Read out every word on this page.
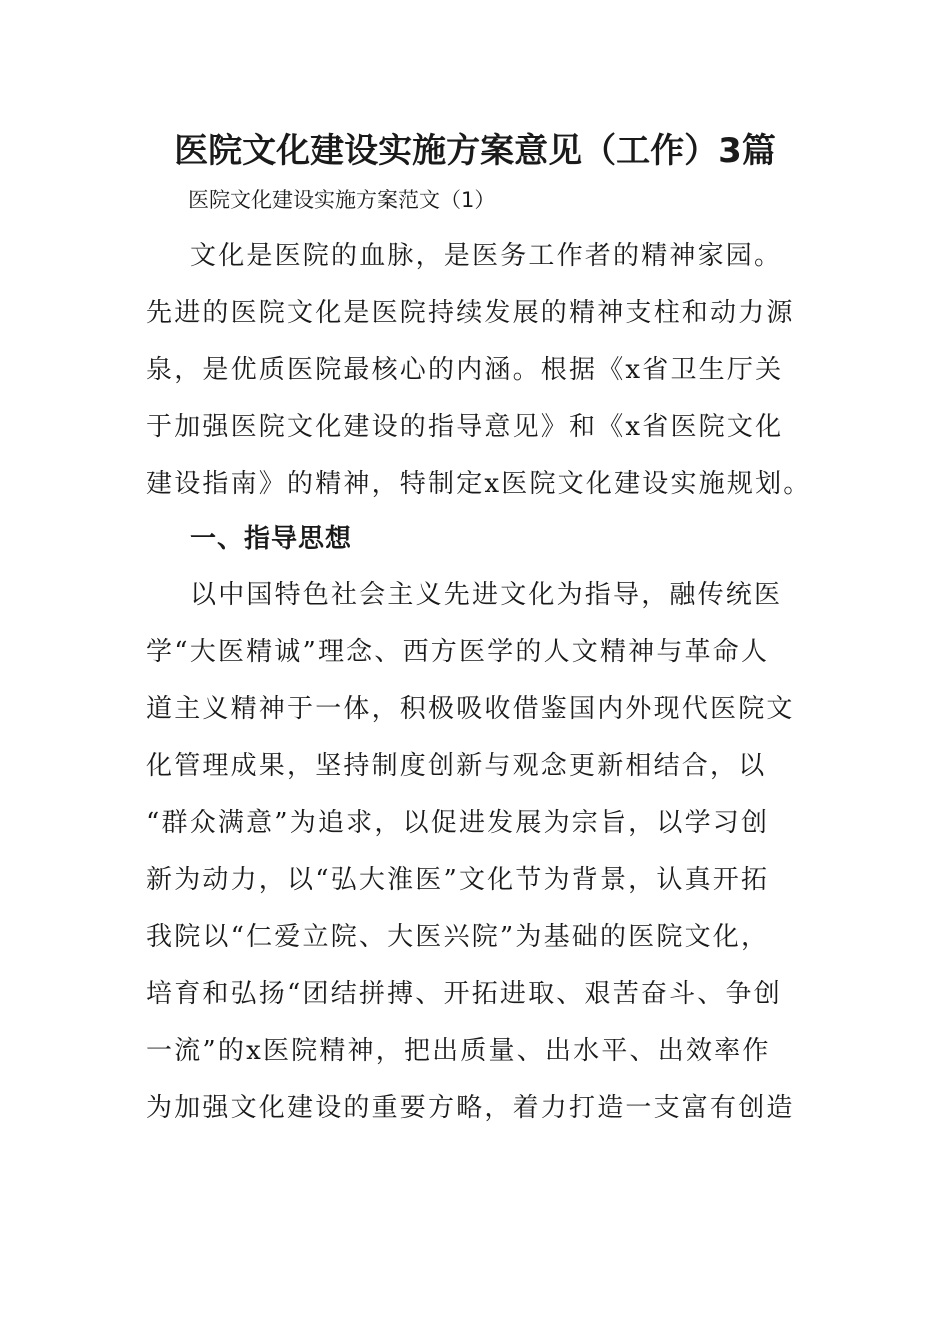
医院文化建设实施方案意见（工作）3篇
医院文化建设实施方案范文（1）
文化是医院的血脉，是医务工作者的精神家园。
先进的医院文化是医院持续发展的精神支柱和动力源
泉，是优质医院最核心的内涵。根据《x省卫生厅关
于加强医院文化建设的指导意见》和《x省医院文化
建设指南》的精神，特制定x医院文化建设实施规划。
一、指导思想
以中国特色社会主义先进文化为指导，融传统医
学“大医精诚”理念、西方医学的人文精神与革命人
道主义精神于一体，积极吸收借鉴国内外现代医院文
化管理成果，坚持制度创新与观念更新相结合，以
“群众满意”为追求，以促进发展为宗旨，以学习创
新为动力，以“弘大淮医”文化节为背景，认真开拓
我院以“仁爱立院、大医兴院”为基础的医院文化，
培育和弘扬“团结拼搏、开拓进取、艰苦奋斗、争创
一流”的x医院精神，把出质量、出水平、出效率作
为加强文化建设的重要方略，着力打造一支富有创造
